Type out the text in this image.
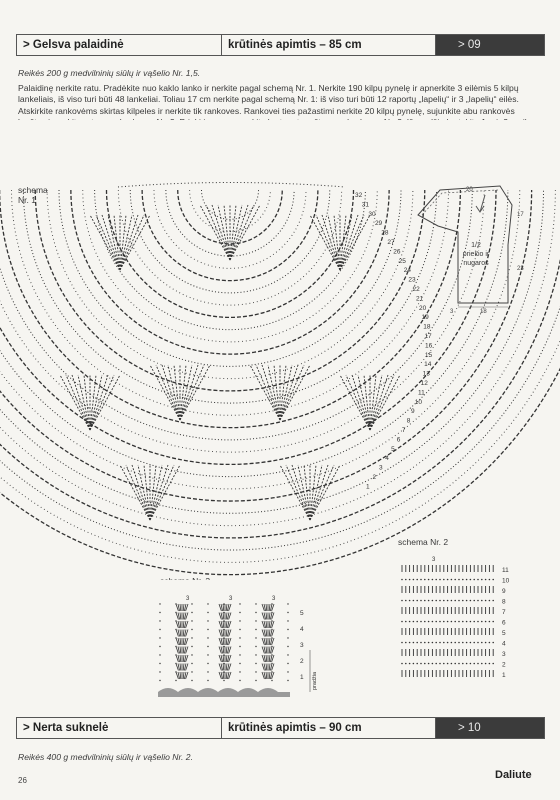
> Gelsva palaidinė	krūtinės apimtis – 85 cm	> 09

Reikės 200 g medvilninių siūlų ir vąšelio Nr. 1,5.

Palaidinę nerkite ratu. Pradėkite nuo kaklo lanko ir nerkite pagal schemą Nr. 1. Nerkite 190 kilpų pynelę ir apnerkite 3 eilėmis 5 kilpų lankeliais, iš viso turi būti 48 lankeliai. Toliau 17 cm nerkite pagal schemą Nr. 1: iš viso turi būti 12 raportų „lapelių“ ir 3 „lapelių“ eilės. Atskirkite rankovėms skirtas kilpeles ir nerkite tik rankoves. Rankovei ties pažastimi nerkite 20 kilpų pynelę, sujunkite abu rankovės

schema
Nr. 1
schema Nr. 2
1/2
priekio ir
nugaros
32
31
30
29
28
27
26
25
24
23
22
21
20
19
18
17
16
15
14
13
12
11
10
9
8
7
6
5
4
3
2
1
20
17
23
3	18
11
10
9
8
7
6
5
4
3
2
1
3
3	3	3
5
4
3
2
1 pradžia
> Nerta suknelė	krūtinės apimtis – 90 cm	> 10
Reikės 400 g medvilninių siūlų ir vąšelio Nr. 2.
26	Daliute
